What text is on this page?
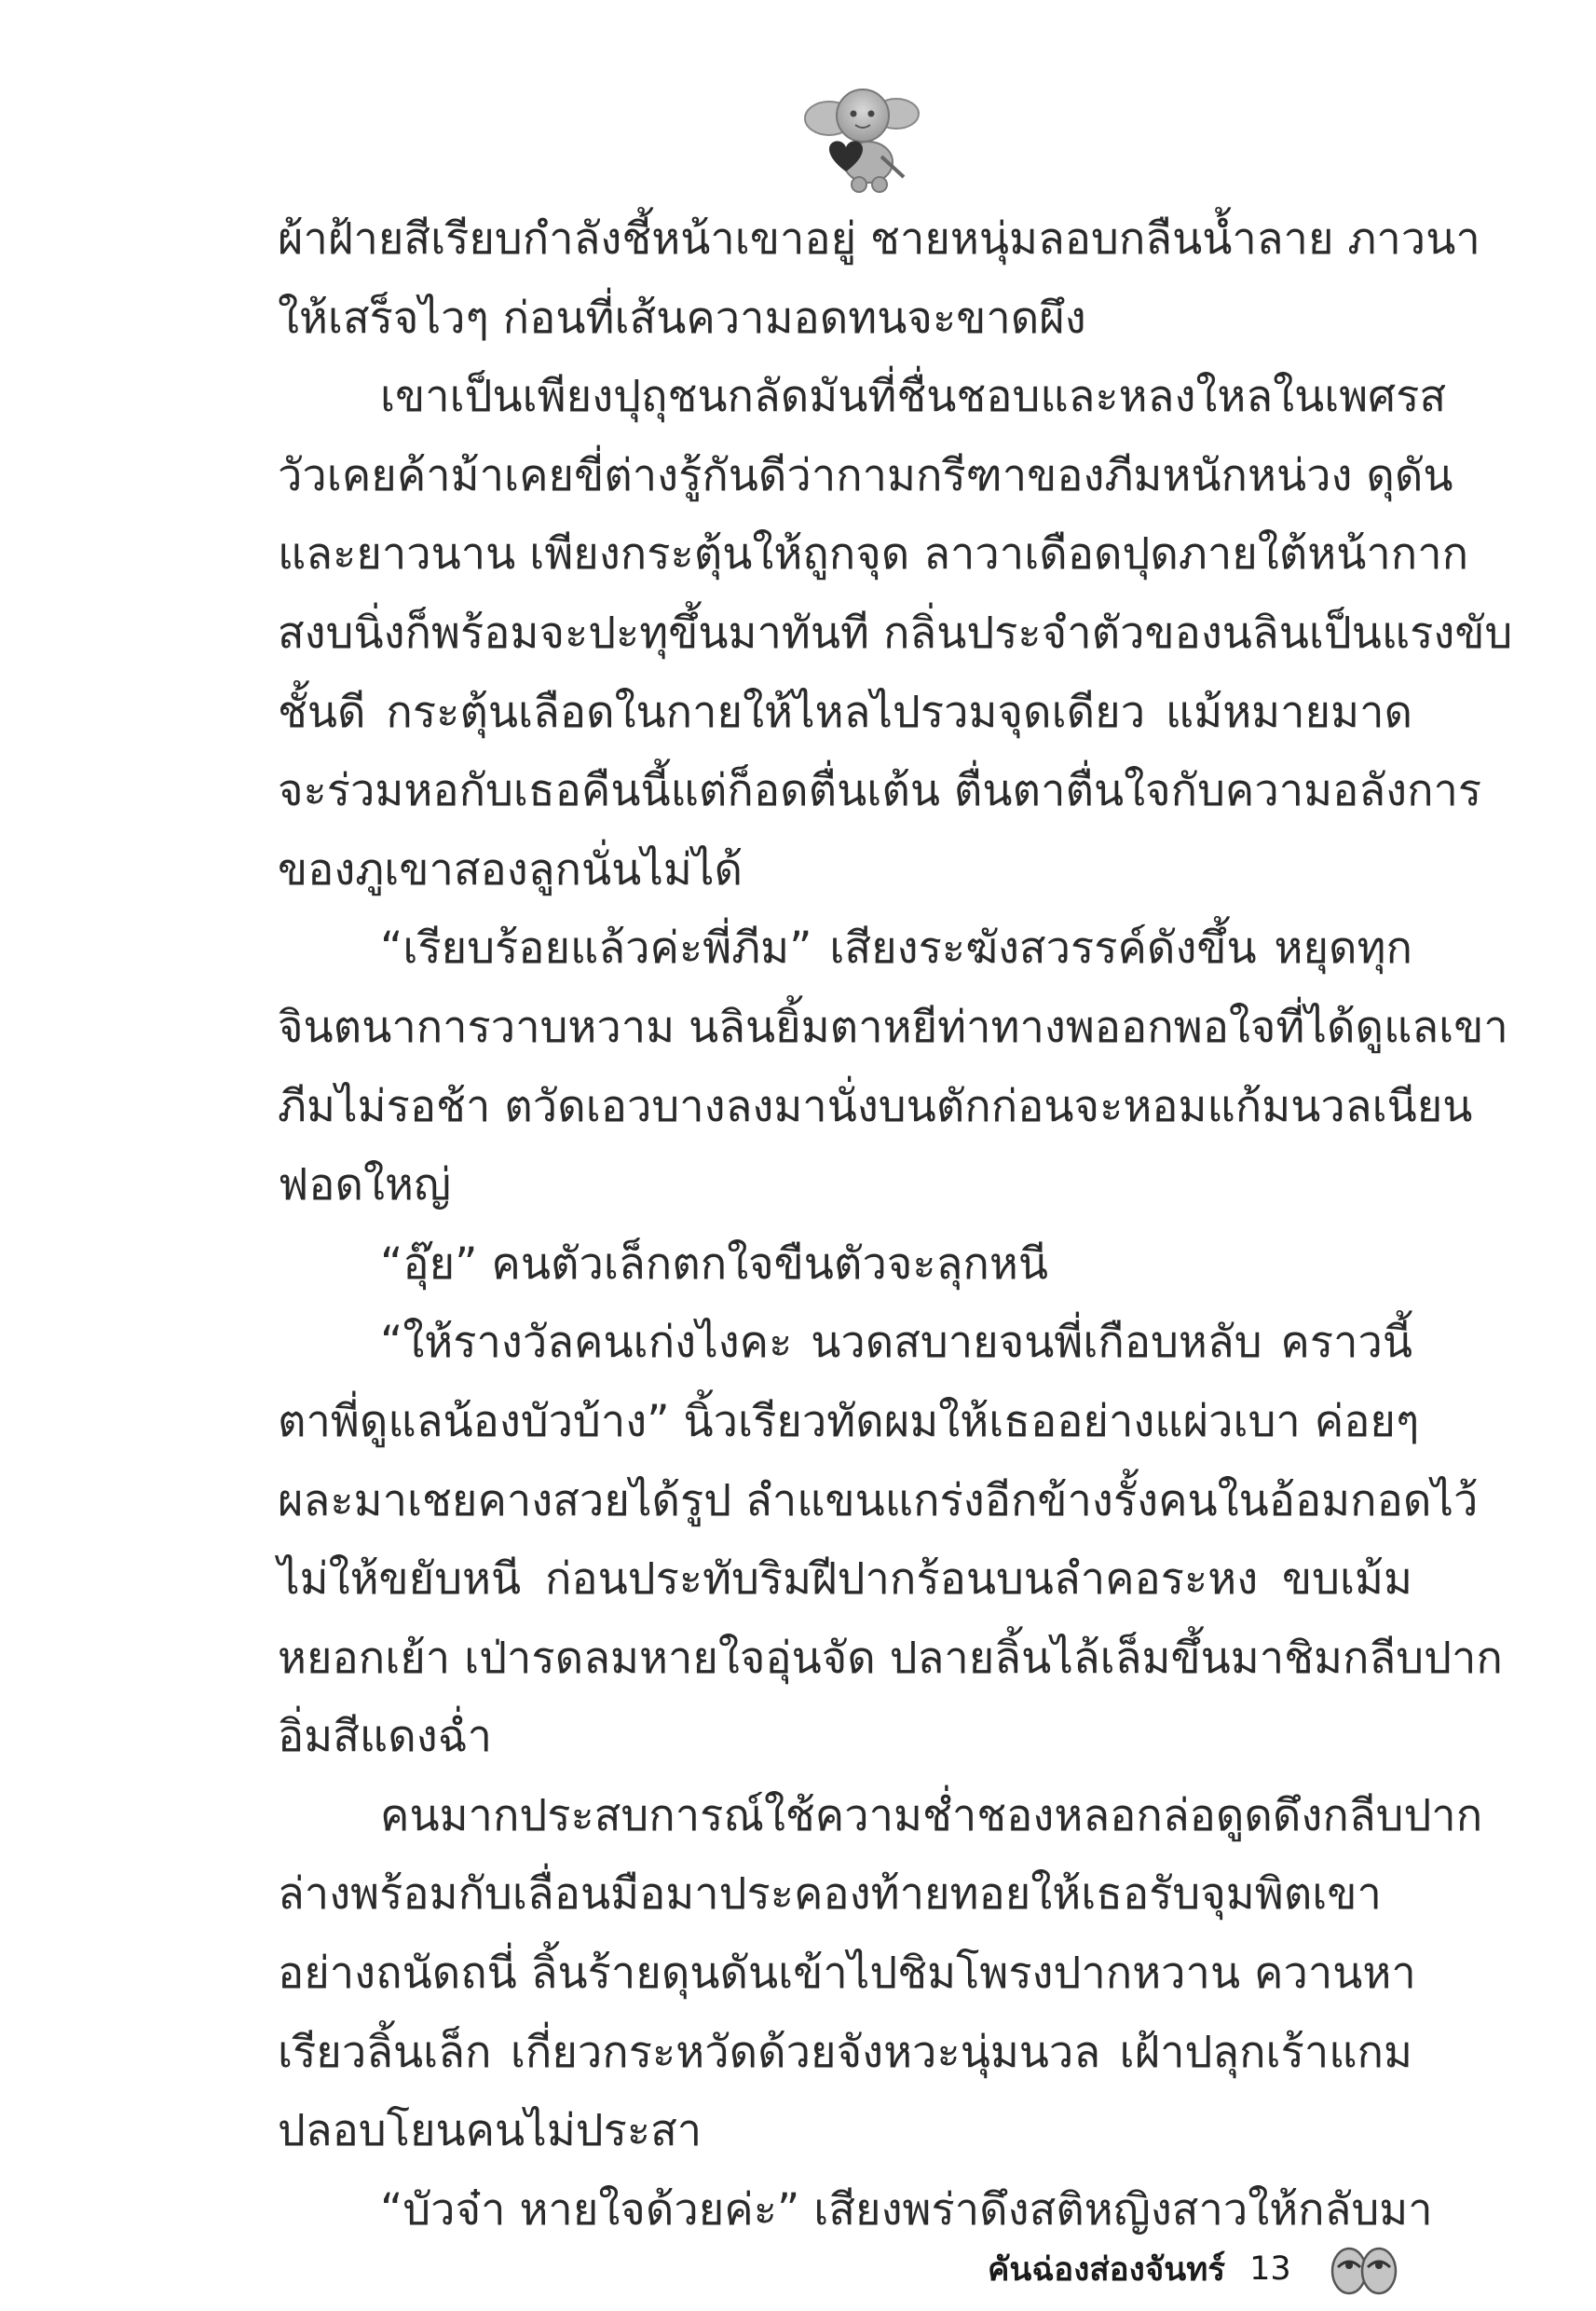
ผ้าฝ้ายสีเรียบกำลังชี้หน้าเขาอยู่ ชายหนุ่มลอบกลืนน้ำลาย ภาวนา
ให้เสร็จไวๆ ก่อนที่เส้นความอดทนจะขาดผึง
เขาเป็นเพียงปุถุชนกลัดมันที่ชื่นชอบและหลงใหลในเพศรส
วัวเคยค้าม้าเคยขี่ต่างรู้กันดีว่ากามกรีฑาของภีมหนักหน่วง ดุดัน
และยาวนาน เพียงกระตุ้นให้ถูกจุด ลาวาเดือดปุดภายใต้หน้ากาก
สงบนิ่งก็พร้อมจะปะทุขึ้นมาทันที กลิ่นประจำตัวของนลินเป็นแรงขับ
ชั้นดี กระตุ้นเลือดในกายให้ไหลไปรวมจุดเดียว แม้หมายมาด
จะร่วมหอกับเธอคืนนี้แต่ก็อดตื่นเต้น ตื่นตาตื่นใจกับความอลังการ
ของภูเขาสองลูกนั่นไม่ได้
“เรียบร้อยแล้วค่ะพี่ภีม” เสียงระฆังสวรรค์ดังขึ้น หยุดทุก
จินตนาการวาบหวาม นลินยิ้มตาหยีท่าทางพออกพอใจที่ได้ดูแลเขา
ภีมไม่รอช้า ตวัดเอวบางลงมานั่งบนตักก่อนจะหอมแก้มนวลเนียน
ฟอดใหญ่
“อุ๊ย” คนตัวเล็กตกใจขืนตัวจะลุกหนี
“ให้รางวัลคนเก่งไงคะ นวดสบายจนพี่เกือบหลับ คราวนี้
ตาพี่ดูแลน้องบัวบ้าง” นิ้วเรียวทัดผมให้เธออย่างแผ่วเบา ค่อยๆ
ผละมาเชยคางสวยได้รูป ลำแขนแกร่งอีกข้างรั้งคนในอ้อมกอดไว้
ไม่ให้ขยับหนี ก่อนประทับริมฝีปากร้อนบนลำคอระหง ขบเม้ม
หยอกเย้า เป่ารดลมหายใจอุ่นจัด ปลายลิ้นไล้เล็มขึ้นมาชิมกลีบปาก
อิ่มสีแดงฉ่ำ
คนมากประสบการณ์ใช้ความช่ำชองหลอกล่อดูดดึงกลีบปาก
ล่างพร้อมกับเลื่อนมือมาประคองท้ายทอยให้เธอรับจุมพิตเขา
อย่างถนัดถนี่ ลิ้นร้ายดุนดันเข้าไปชิมโพรงปากหวาน ควานหา
เรียวลิ้นเล็ก เกี่ยวกระหวัดด้วยจังหวะนุ่มนวล เฝ้าปลุกเร้าแกม
ปลอบโยนคนไม่ประสา
“บัวจ๋า หายใจด้วยค่ะ” เสียงพร่าดึงสติหญิงสาวให้กลับมา
คันฉ่องส่องจันทร์ 13
